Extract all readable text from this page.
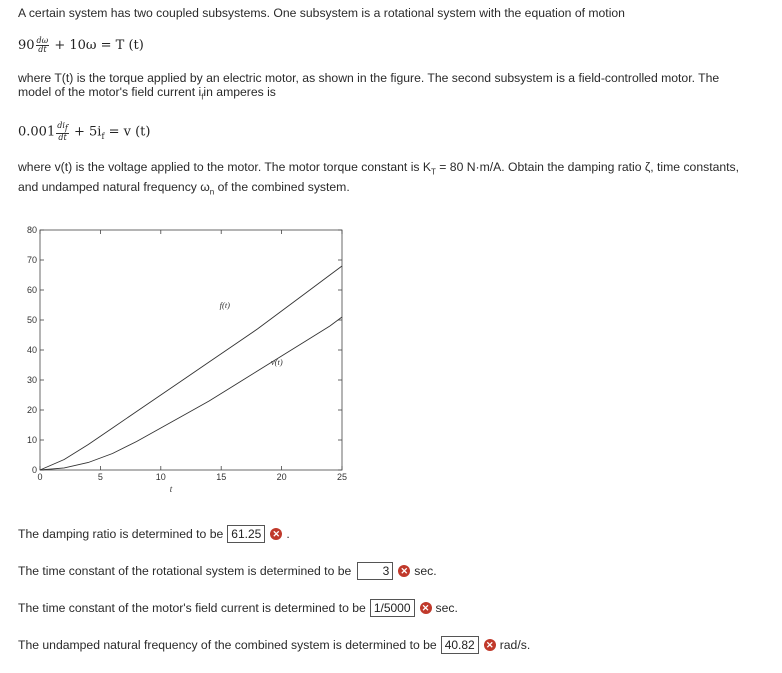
A certain system has two coupled subsystems. One subsystem is a rotational system with the equation of motion
$90 \frac{d\omega}{dt} + 10\omega = T$ (t)
where T(t) is the torque applied by an electric motor, as shown in the figure. The second subsystem is a field-controlled motor. The
model of the motor's field current $i_fin$ amperes is
$0.001 \frac{di_f}{dt} + 5i_f = v$ (t)
where v(t) is the voltage applied to the motor. The motor torque constant is $K_T = 80$ N·m/A. Obtain the damping ratio ζ, time constants,
and undamped natural frequency $\omega_n$ of the combined system.
0	5	10	15	20	25
0
10
20
30
40
50
60
70
80
t
f(t)
v(t)
The damping ratio is determined to be 61.25	✕ .
The time constant of the rotational system is determined to be	3	✕ sec.
The time constant of the motor's field current is determined to be 1/5000	✕ sec.
The undamped natural frequency of the combined system is determined to be 40.82	✕ rad/s.
